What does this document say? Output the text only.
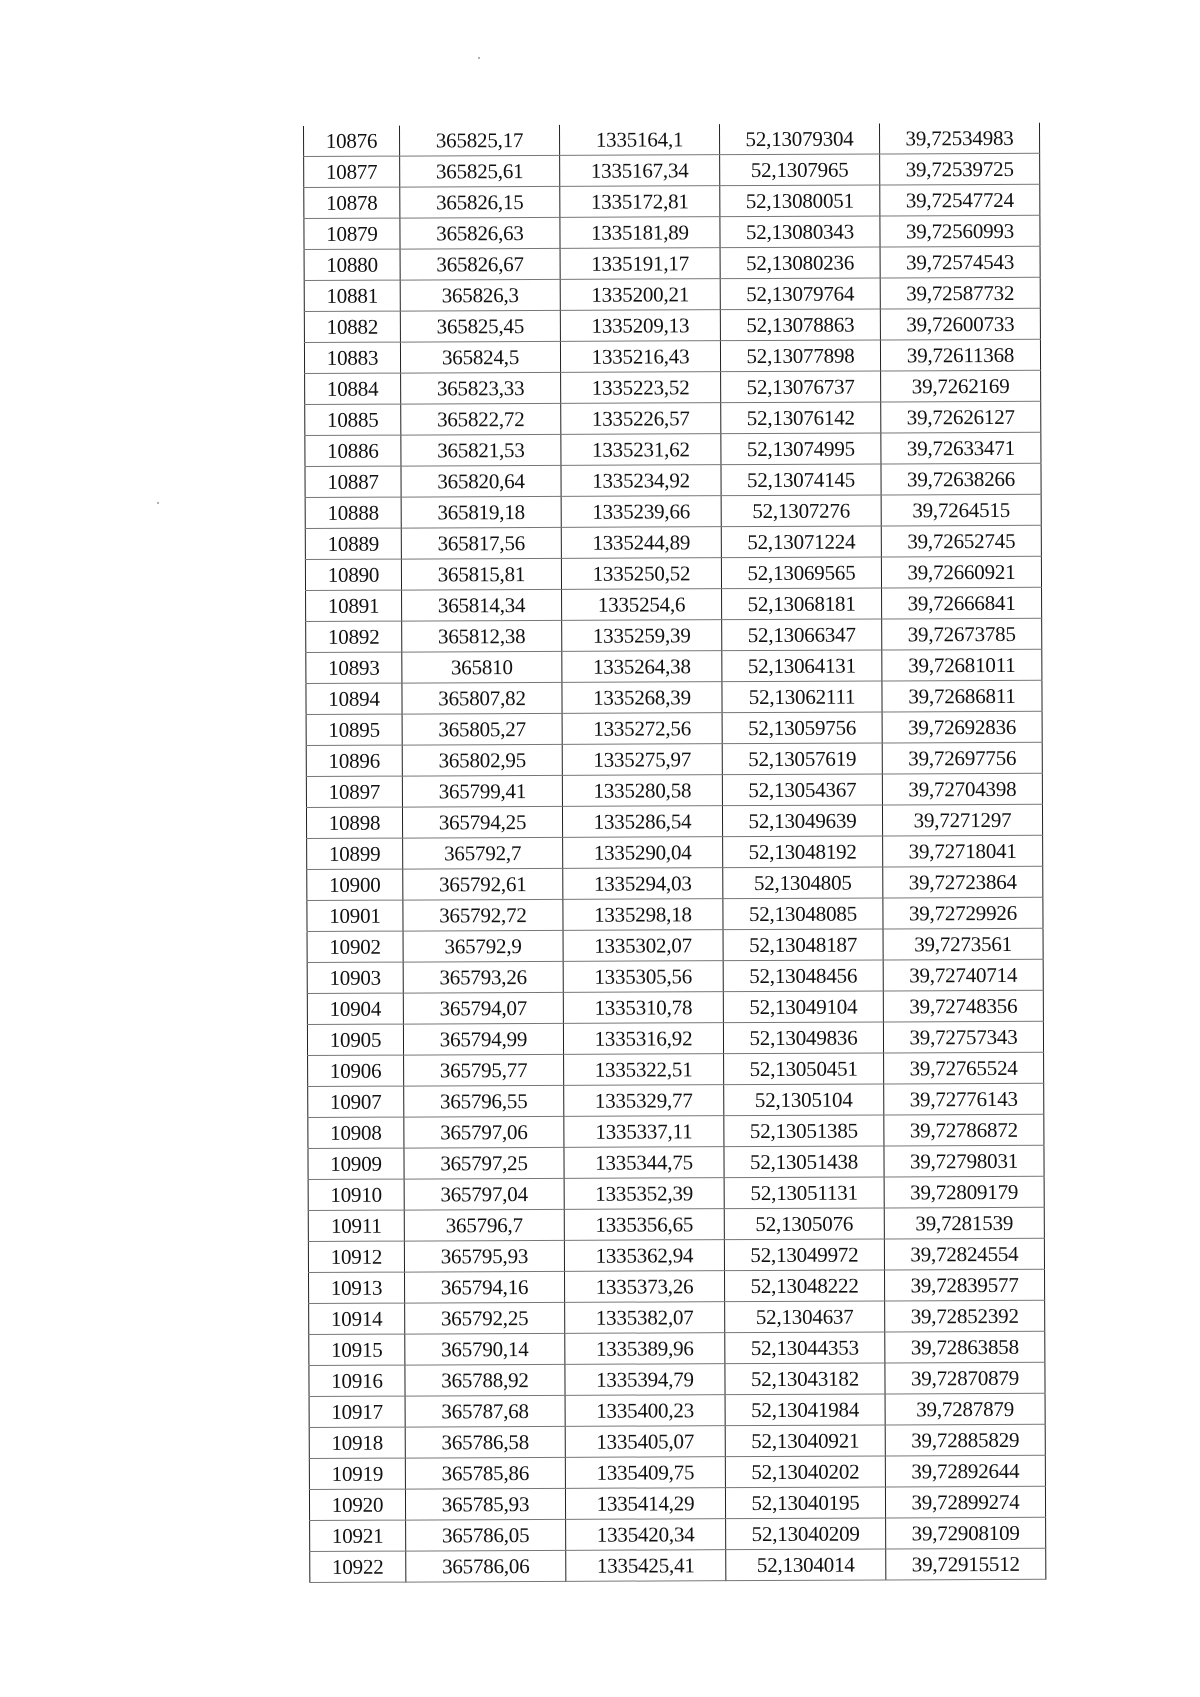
10876	365825,17	1335164,1	52,13079304	39,72534983
10877	365825,61	1335167,34	52,1307965	39,72539725
10878	365826,15	1335172,81	52,13080051	39,72547724
10879	365826,63	1335181,89	52,13080343	39,72560993
10880	365826,67	1335191,17	52,13080236	39,72574543
10881	365826,3	1335200,21	52,13079764	39,72587732
10882	365825,45	1335209,13	52,13078863	39,72600733
10883	365824,5	1335216,43	52,13077898	39,72611368
10884	365823,33	1335223,52	52,13076737	39,7262169
10885	365822,72	1335226,57	52,13076142	39,72626127
10886	365821,53	1335231,62	52,13074995	39,72633471
10887	365820,64	1335234,92	52,13074145	39,72638266
10888	365819,18	1335239,66	52,1307276	39,7264515
10889	365817,56	1335244,89	52,13071224	39,72652745
10890	365815,81	1335250,52	52,13069565	39,72660921
10891	365814,34	1335254,6	52,13068181	39,72666841
10892	365812,38	1335259,39	52,13066347	39,72673785
10893	365810	1335264,38	52,13064131	39,72681011
10894	365807,82	1335268,39	52,13062111	39,72686811
10895	365805,27	1335272,56	52,13059756	39,72692836
10896	365802,95	1335275,97	52,13057619	39,72697756
10897	365799,41	1335280,58	52,13054367	39,72704398
10898	365794,25	1335286,54	52,13049639	39,7271297
10899	365792,7	1335290,04	52,13048192	39,72718041
10900	365792,61	1335294,03	52,1304805	39,72723864
10901	365792,72	1335298,18	52,13048085	39,72729926
10902	365792,9	1335302,07	52,13048187	39,7273561
10903	365793,26	1335305,56	52,13048456	39,72740714
10904	365794,07	1335310,78	52,13049104	39,72748356
10905	365794,99	1335316,92	52,13049836	39,72757343
10906	365795,77	1335322,51	52,13050451	39,72765524
10907	365796,55	1335329,77	52,1305104	39,72776143
10908	365797,06	1335337,11	52,13051385	39,72786872
10909	365797,25	1335344,75	52,13051438	39,72798031
10910	365797,04	1335352,39	52,13051131	39,72809179
10911	365796,7	1335356,65	52,1305076	39,7281539
10912	365795,93	1335362,94	52,13049972	39,72824554
10913	365794,16	1335373,26	52,13048222	39,72839577
10914	365792,25	1335382,07	52,1304637	39,72852392
10915	365790,14	1335389,96	52,13044353	39,72863858
10916	365788,92	1335394,79	52,13043182	39,72870879
10917	365787,68	1335400,23	52,13041984	39,7287879
10918	365786,58	1335405,07	52,13040921	39,72885829
10919	365785,86	1335409,75	52,13040202	39,72892644
10920	365785,93	1335414,29	52,13040195	39,72899274
10921	365786,05	1335420,34	52,13040209	39,72908109
10922	365786,06	1335425,41	52,1304014	39,72915512
